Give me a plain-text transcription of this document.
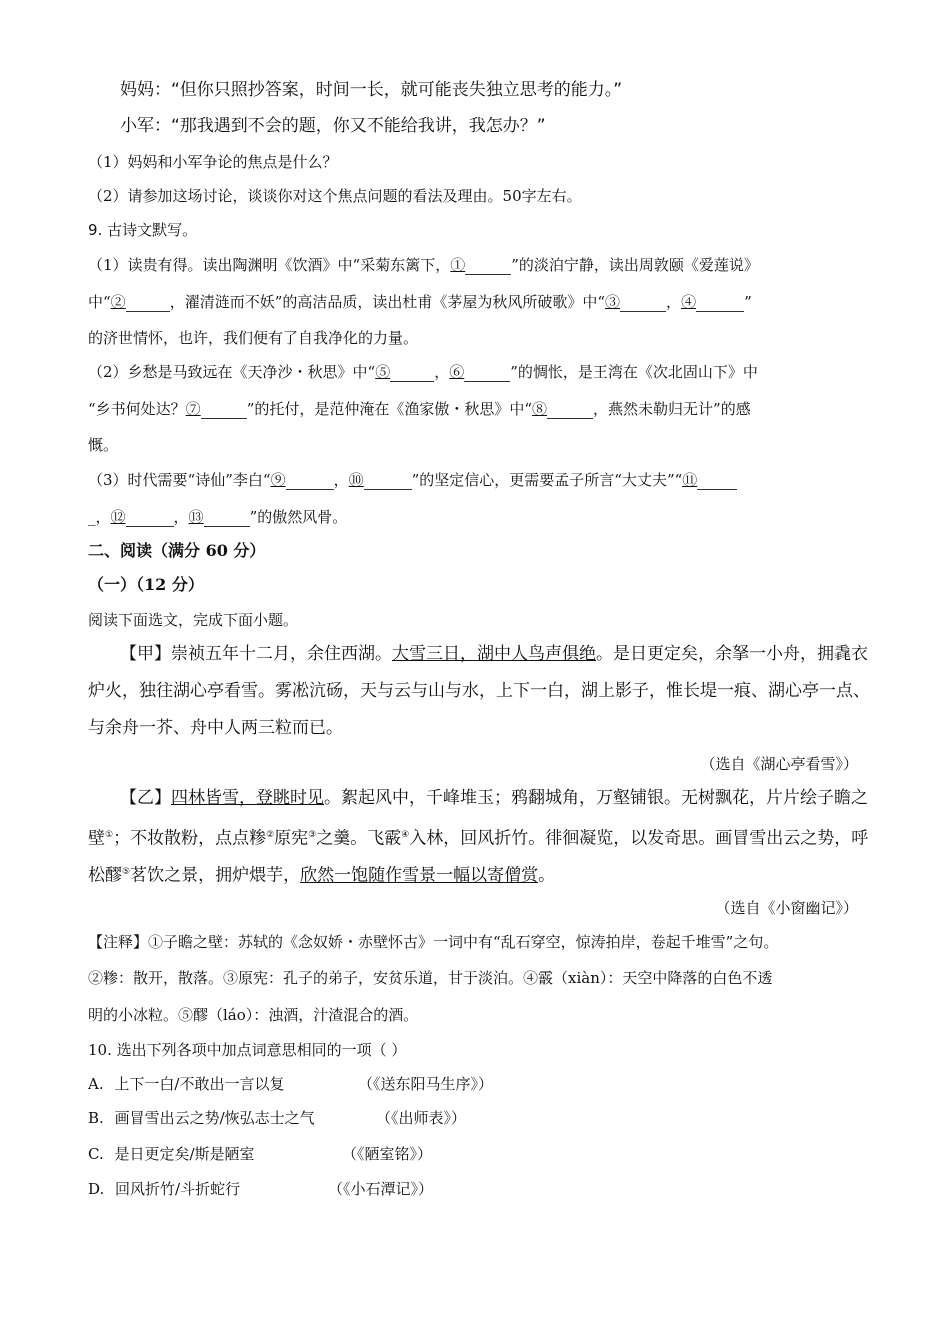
妈妈：“但你只照抄答案，时间一长，就可能丧失独立思考的能力。”
小军：“那我遇到不会的题，你又不能给我讲，我怎办？”
（1）妈妈和小军争论的焦点是什么？
（2）请参加这场讨论，谈谈你对这个焦点问题的看法及理由。50字左右。
9. 古诗文默写。
（1）读贵有得。读出陶渊明《饮酒》中“采菊东篱下，①	”的淡泊宁静，读出周敦颐《爱莲说》
中“②	，濯清涟而不妖”的高洁品质，读出杜甫《茅屋为秋风所破歌》中“③	，④	”
的济世情怀，也许，我们便有了自我净化的力量。
（2）乡愁是马致远在《天净沙・秋思》中“⑤	，⑥	”的惆怅，是王湾在《次北固山下》中
“乡书何处达？⑦	”的托付，是范仲淹在《渔家傲・秋思》中“⑧	，燕然未勒归无计”的感
慨。
（3）时代需要“诗仙”李白“⑨	，⑩	”的坚定信心，更需要孟子所言“大丈夫”“⑪
_，⑫	，⑬	”的傲然风骨。
二、阅读（满分 60 分）
（一）（12 分）
阅读下面选文，完成下面小题。
【甲】崇祯五年十二月，余住西湖。大雪三日，湖中人鸟声俱绝。是日更定矣，余拏一小舟，拥毳衣
炉火，独往湖心亭看雪。雾凇沆砀，天与云与山与水，上下一白，湖上影子，惟长堤一痕、湖心亭一点、
与余舟一芥、舟中人两三粒而已。
（选自《湖心亭看雪》）
【乙】四林皆雪，登眺时见。絮起风中，千峰堆玉；鸦翻城角，万壑铺银。无树飘花，片片绘子瞻之
壁①；不妆散粉，点点糁②原宪③之羹。飞霰④入林，回风折竹。徘徊凝览，以发奇思。画冒雪出云之势，呼
松醪⑤茗饮之景，拥炉煨芋，欣然一饱随作雪景一幅以寄僧赏。
（选自《小窗幽记》）
【注释】①子瞻之壁：苏轼的《念奴娇・赤壁怀古》一词中有“乱石穿空，惊涛拍岸，卷起千堆雪”之句。
②糁：散开，散落。③原宪：孔子的弟子，安贫乐道，甘于淡泊。④霰（xiàn）：天空中降落的白色不透
明的小冰粒。⑤醪（láo）：浊酒，汁渣混合的酒。
10. 选出下列各项中加点词意思相同的一项（ ）
A. 上下一白/不敢出一言以复	（《送东阳马生序》）
B. 画冒雪出云之势/恢弘志士之气	（《出师表》）
C. 是日更定矣/斯是陋室	（《陋室铭》）
D. 回风折竹/斗折蛇行	（《小石潭记》）
